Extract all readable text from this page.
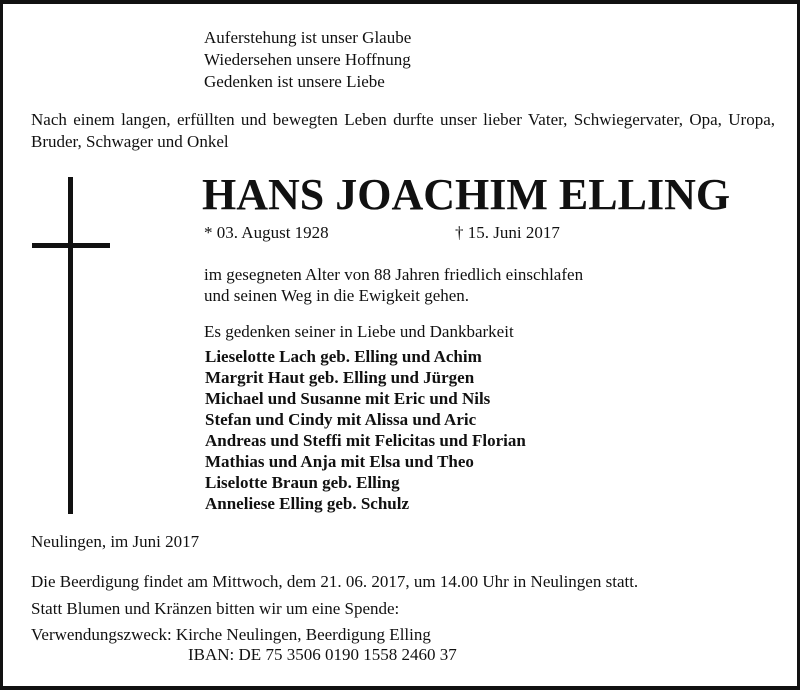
Auferstehung ist unser Glaube
Wiedersehen unsere Hoffnung
Gedenken ist unsere Liebe
Nach einem langen, erfüllten und bewegten Leben durfte unser lieber Vater, Schwiegervater, Opa, Uropa, Bruder, Schwager und Onkel
HANS JOACHIM ELLING
* 03. August 1928	† 15. Juni 2017
im gesegneten Alter von 88 Jahren friedlich einschlafen
und seinen Weg in die Ewigkeit gehen.
Es gedenken seiner in Liebe und Dankbarkeit
Lieselotte Lach geb. Elling und Achim
Margrit Haut geb. Elling und Jürgen
Michael und Susanne mit Eric und Nils
Stefan und Cindy mit Alissa und Aric
Andreas und Steffi mit Felicitas und Florian
Mathias und Anja mit Elsa und Theo
Liselotte Braun geb. Elling
Anneliese Elling geb. Schulz
Neulingen, im Juni 2017
Die Beerdigung findet am Mittwoch, dem 21. 06. 2017, um 14.00 Uhr in Neulingen statt.
Statt Blumen und Kränzen bitten wir um eine Spende:
Verwendungszweck: Kirche Neulingen, Beerdigung Elling
IBAN: DE 75 3506 0190 1558 2460 37
